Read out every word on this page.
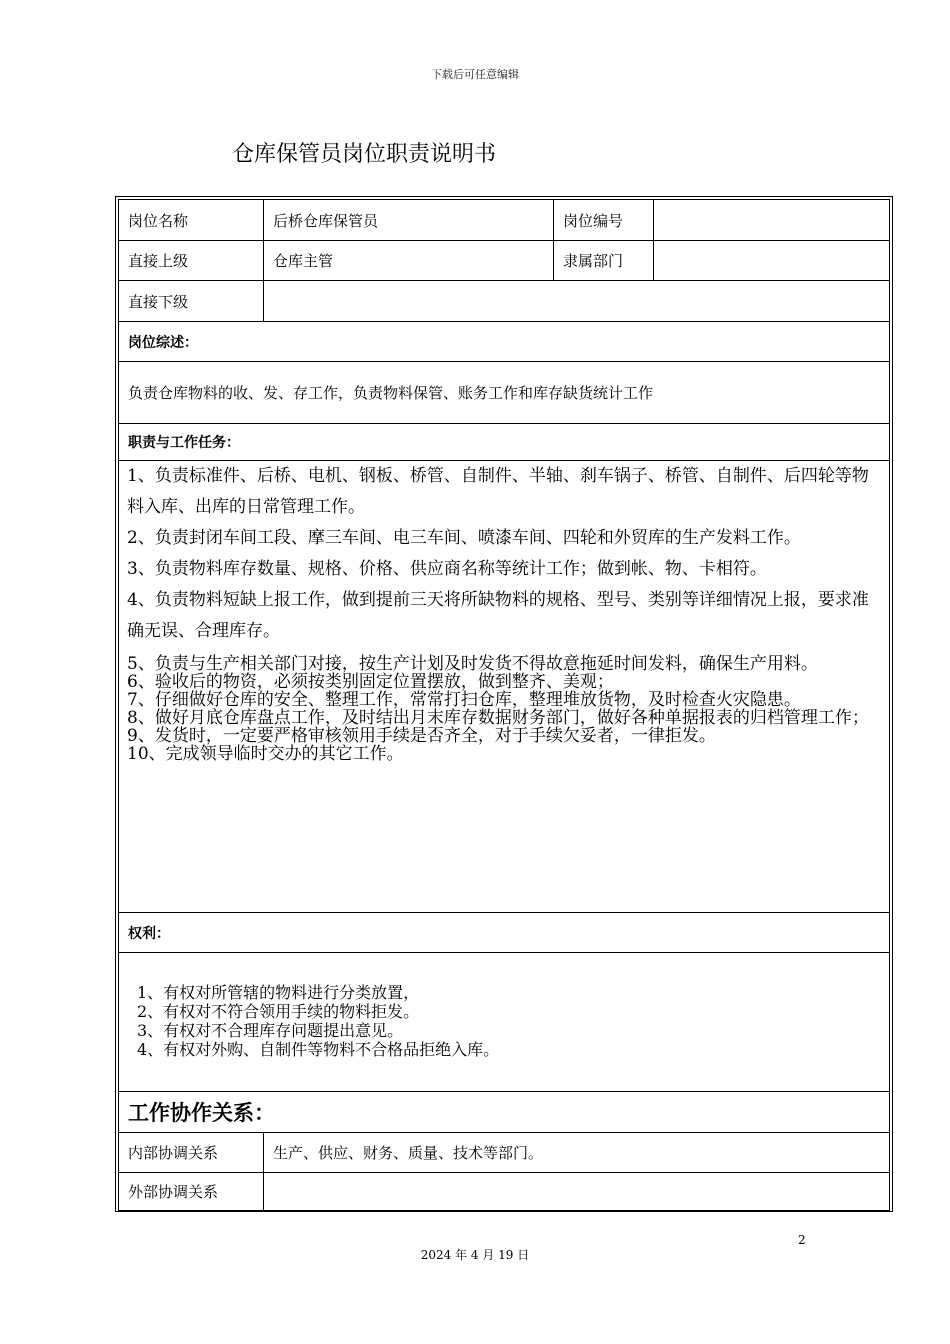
下载后可任意编辑
仓库保管员岗位职责说明书
岗位名称	后桥仓库保管员	岗位编号
直接上级	仓库主管	隶属部门
直接下级
岗位综述：
负责仓库物料的收、发、存工作，负责物料保管、账务工作和库存缺货统计工作
职责与工作任务：
1、负责标准件、后桥、电机、钢板、桥管、自制件、半轴、刹车锅子、桥管、自制件、后四轮等物料入库、出库的日常管理工作。
2、负责封闭车间工段、摩三车间、电三车间、喷漆车间、四轮和外贸库的生产发料工作。
3、负责物料库存数量、规格、价格、供应商名称等统计工作；做到帐、物、卡相符。
4、负责物料短缺上报工作，做到提前三天将所缺物料的规格、型号、类别等详细情况上报，要求准确无误、合理库存。
5、负责与生产相关部门对接，按生产计划及时发货不得故意拖延时间发料，确保生产用料。
6、验收后的物资，必须按类别固定位置摆放，做到整齐、美观；
7、仔细做好仓库的安全、整理工作，常常打扫仓库，整理堆放货物，及时检查火灾隐患。
8、做好月底仓库盘点工作，及时结出月末库存数据财务部门，做好各种单据报表的归档管理工作；
9、发货时，一定要严格审核领用手续是否齐全，对于手续欠妥者，一律拒发。
10、完成领导临时交办的其它工作。
权利：
1、有权对所管辖的物料进行分类放置，
2、有权对不符合领用手续的物料拒发。
3、有权对不合理库存问题提出意见。
4、有权对外购、自制件等物料不合格品拒绝入库。
工作协作关系：
内部协调关系	生产、供应、财务、质量、技术等部门。
外部协调关系
2
2024 年 4 月 19 日
